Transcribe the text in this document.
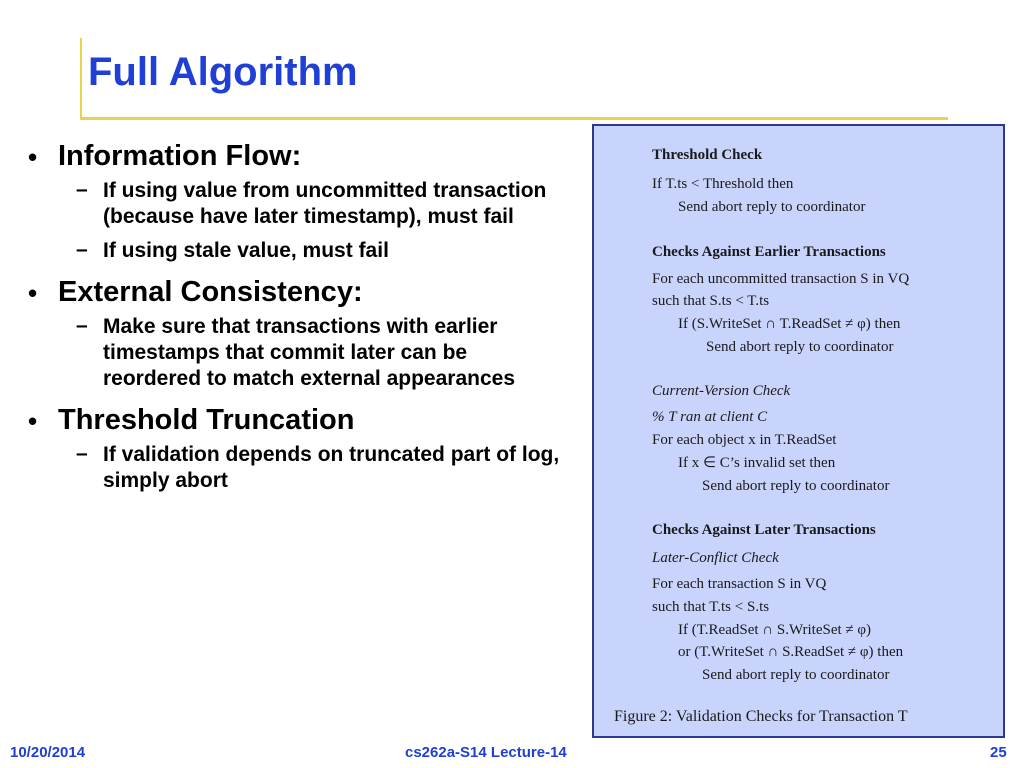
Full Algorithm
• Information Flow:
– If using value from uncommitted transaction (because have later timestamp), must fail
– If using stale value, must fail
• External Consistency:
– Make sure that transactions with earlier timestamps that commit later can be reordered to match external appearances
• Threshold Truncation
– If validation depends on truncated part of log, simply abort
Threshold Check
If T.ts < Threshold then
Send abort reply to coordinator
Checks Against Earlier Transactions
For each uncommitted transaction S in VQ
such that S.ts < T.ts
If (S.WriteSet ∩ T.ReadSet ≠ φ) then
Send abort reply to coordinator
Current-Version Check
% T ran at client C
For each object x in T.ReadSet
If x ∈ C’s invalid set then
Send abort reply to coordinator
Checks Against Later Transactions
Later-Conflict Check
For each transaction S in VQ
such that T.ts < S.ts
If (T.ReadSet ∩ S.WriteSet ≠ φ)
or (T.WriteSet ∩ S.ReadSet ≠ φ) then
Send abort reply to coordinator
Figure 2: Validation Checks for Transaction T
10/20/2014	cs262a-S14 Lecture-14	25
